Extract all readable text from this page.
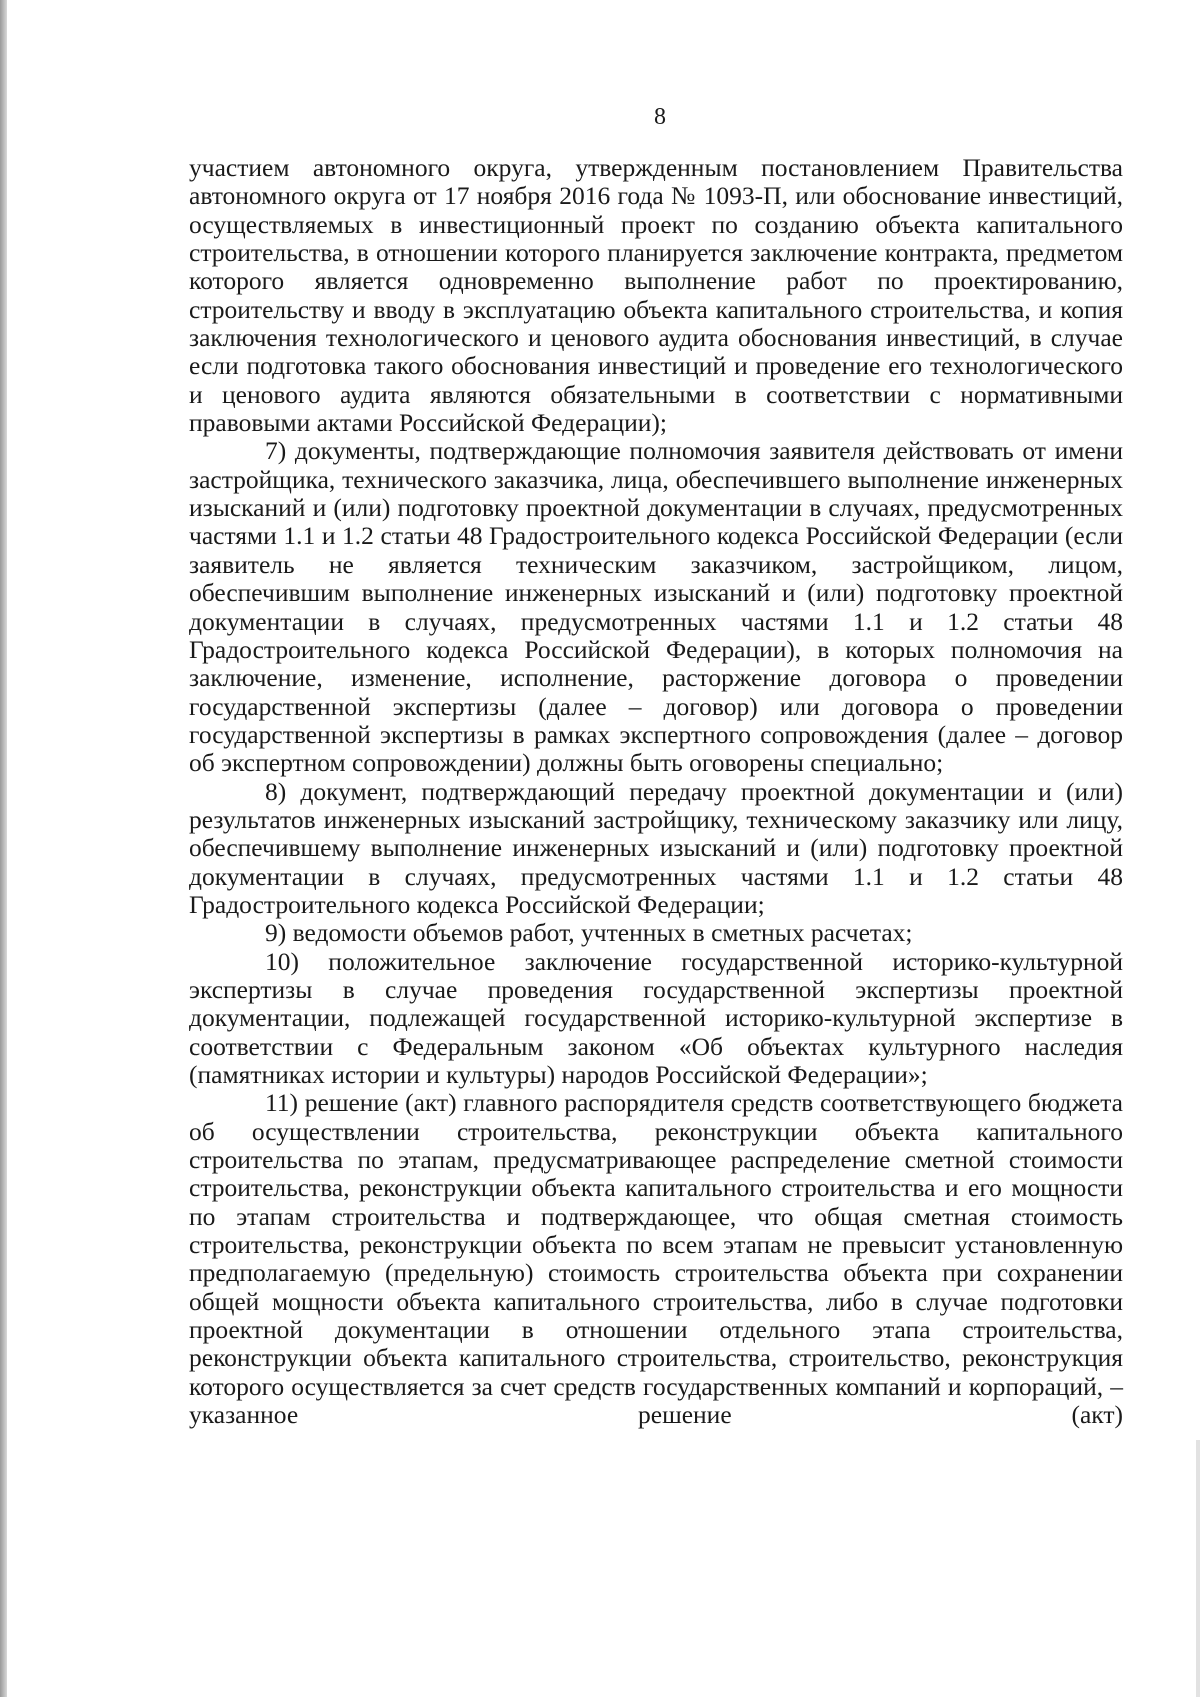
8

участием автономного округа, утвержденным постановлением Правительства автономного округа от 17 ноября 2016 года № 1093-П, или обоснование инвестиций, осуществляемых в инвестиционный проект по созданию объекта капитального строительства, в отношении которого планируется заключение контракта, предметом которого является одновременно выполнение работ по проектированию, строительству и вводу в эксплуатацию объекта капитального строительства, и копия заключения технологического и ценового аудита обоснования инвестиций, в случае если подготовка такого обоснования инвестиций и проведение его технологического и ценового аудита являются обязательными в соответствии с нормативными правовыми актами Российской Федерации);

7) документы, подтверждающие полномочия заявителя действовать от имени застройщика, технического заказчика, лица, обеспечившего выполнение инженерных изысканий и (или) подготовку проектной документации в случаях, предусмотренных частями 1.1 и 1.2 статьи 48 Градостроительного кодекса Российской Федерации (если заявитель не является техническим заказчиком, застройщиком, лицом, обеспечившим выполнение инженерных изысканий и (или) подготовку проектной документации в случаях, предусмотренных частями 1.1 и 1.2 статьи 48 Градостроительного кодекса Российской Федерации), в которых полномочия на заключение, изменение, исполнение, расторжение договора о проведении государственной экспертизы (далее – договор) или договора о проведении государственной экспертизы в рамках экспертного сопровождения (далее – договор об экспертном сопровождении) должны быть оговорены специально;

8) документ, подтверждающий передачу проектной документации и (или) результатов инженерных изысканий застройщику, техническому заказчику или лицу, обеспечившему выполнение инженерных изысканий и (или) подготовку проектной документации в случаях, предусмотренных частями 1.1 и 1.2 статьи 48 Градостроительного кодекса Российской Федерации;

9) ведомости объемов работ, учтенных в сметных расчетах;

10) положительное заключение государственной историко-культурной экспертизы в случае проведения государственной экспертизы проектной документации, подлежащей государственной историко-культурной экспертизе в соответствии с Федеральным законом «Об объектах культурного наследия (памятниках истории и культуры) народов Российской Федерации»;

11) решение (акт) главного распорядителя средств соответствующего бюджета об осуществлении строительства, реконструкции объекта капитального строительства по этапам, предусматривающее распределение сметной стоимости строительства, реконструкции объекта капитального строительства и его мощности по этапам строительства и подтверждающее, что общая сметная стоимость строительства, реконструкции объекта по всем этапам не превысит установленную предполагаемую (предельную) стоимость строительства объекта при сохранении общей мощности объекта капитального строительства, либо в случае подготовки проектной документации в отношении отдельного этапа строительства, реконструкции объекта капитального строительства, строительство, реконструкция которого осуществляется за счет средств государственных компаний и корпораций, – указанное решение (акт)
